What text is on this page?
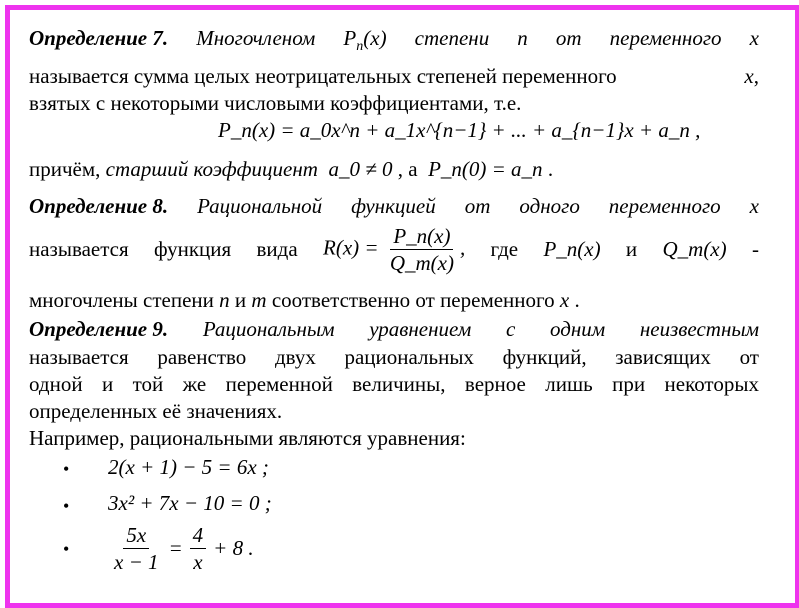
Определение 7. Многочленом $P_n(x)$ степени n от переменного x
называется сумма целых неотрицательных степеней переменного	x,
взятых с некоторыми числовыми коэффициентами, т.е.
P_n(x) = a_0x^n + a_1x^{n−1} + ... + a_{n−1}x + a_n ,
причём, старший коэффициент a_0 ≠ 0 , а P_n(0) = a_n .
Определение 8. Рациональной функцией от одного переменного x
называется функция вида $R(x) = \frac{P\_n(x)}{Q\_m(x)}$ , где P_n(x) и Q_m(x) -
многочлены степени n и m соответственно от переменного x .
Определение 9. Рациональным уравнением с одним неизвестным
называется равенство двух рациональных функций, зависящих от
одной и той же переменной величины, верное лишь при некоторых
определенных её значениях.
Например, рациональными являются уравнения:
• 2(x + 1) − 5 = 6x ;
• 3x² + 7x − 10 = 0 ;
• $\frac{5x}{x - 1} = \frac{4}{x} + 8$ .
